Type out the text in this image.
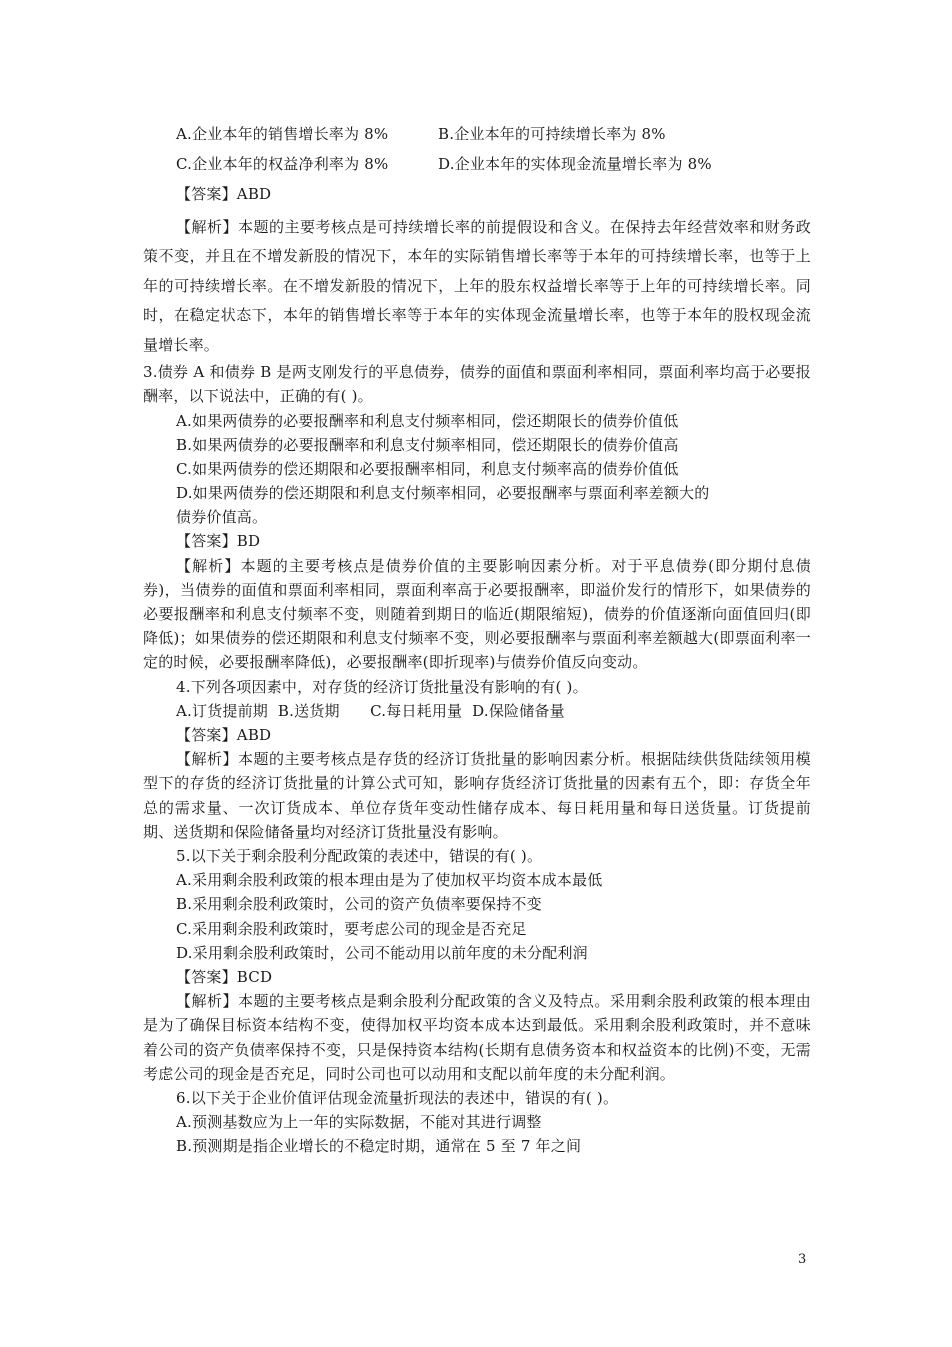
A.企业本年的销售增长率为 8%	B.企业本年的可持续增长率为 8%
C.企业本年的权益净利率为 8%	D.企业本年的实体现金流量增长率为 8%
【答案】ABD
【解析】本题的主要考核点是可持续增长率的前提假设和含义。在保持去年经营效率和财务政策不变，并且在不增发新股的情况下，本年的实际销售增长率等于本年的可持续增长率，也等于上年的可持续增长率。在不增发新股的情况下，上年的股东权益增长率等于上年的可持续增长率。同时，在稳定状态下，本年的销售增长率等于本年的实体现金流量增长率，也等于本年的股权现金流量增长率。
3.债券 A 和债券 B 是两支刚发行的平息债券，债券的面值和票面利率相同，票面利率均高于必要报酬率，以下说法中，正确的有( )。
A.如果两债券的必要报酬率和利息支付频率相同，偿还期限长的债券价值低
B.如果两债券的必要报酬率和利息支付频率相同，偿还期限长的债券价值高
C.如果两债券的偿还期限和必要报酬率相同，利息支付频率高的债券价值低
D.如果两债券的偿还期限和利息支付频率相同，必要报酬率与票面利率差额大的
债券价值高。
【答案】BD
【解析】本题的主要考核点是债券价值的主要影响因素分析。对于平息债券(即分期付息债券)，当债券的面值和票面利率相同，票面利率高于必要报酬率，即溢价发行的情形下，如果债券的必要报酬率和利息支付频率不变，则随着到期日的临近(期限缩短)，债券的价值逐渐向面值回归(即降低)；如果债券的偿还期限和利息支付频率不变，则必要报酬率与票面利率差额越大(即票面利率一定的时候，必要报酬率降低)，必要报酬率(即折现率)与债券价值反向变动。
4.下列各项因素中，对存货的经济订货批量没有影响的有( )。
A.订货提前期  B.送货期　　C.每日耗用量  D.保险储备量
【答案】ABD
【解析】本题的主要考核点是存货的经济订货批量的影响因素分析。根据陆续供货陆续领用模型下的存货的经济订货批量的计算公式可知，影响存货经济订货批量的因素有五个，即：存货全年总的需求量、一次订货成本、单位存货年变动性储存成本、每日耗用量和每日送货量。订货提前期、送货期和保险储备量均对经济订货批量没有影响。
5.以下关于剩余股利分配政策的表述中，错误的有( )。
A.采用剩余股利政策的根本理由是为了使加权平均资本成本最低
B.采用剩余股利政策时，公司的资产负债率要保持不变
C.采用剩余股利政策时，要考虑公司的现金是否充足
D.采用剩余股利政策时，公司不能动用以前年度的未分配利润
【答案】BCD
【解析】本题的主要考核点是剩余股利分配政策的含义及特点。采用剩余股利政策的根本理由是为了确保目标资本结构不变，使得加权平均资本成本达到最低。采用剩余股利政策时，并不意味着公司的资产负债率保持不变，只是保持资本结构(长期有息债务资本和权益资本的比例)不变，无需考虑公司的现金是否充足，同时公司也可以动用和支配以前年度的未分配利润。
6.以下关于企业价值评估现金流量折现法的表述中，错误的有( )。
A.预测基数应为上一年的实际数据，不能对其进行调整
B.预测期是指企业增长的不稳定时期，通常在 5 至 7 年之间
3
